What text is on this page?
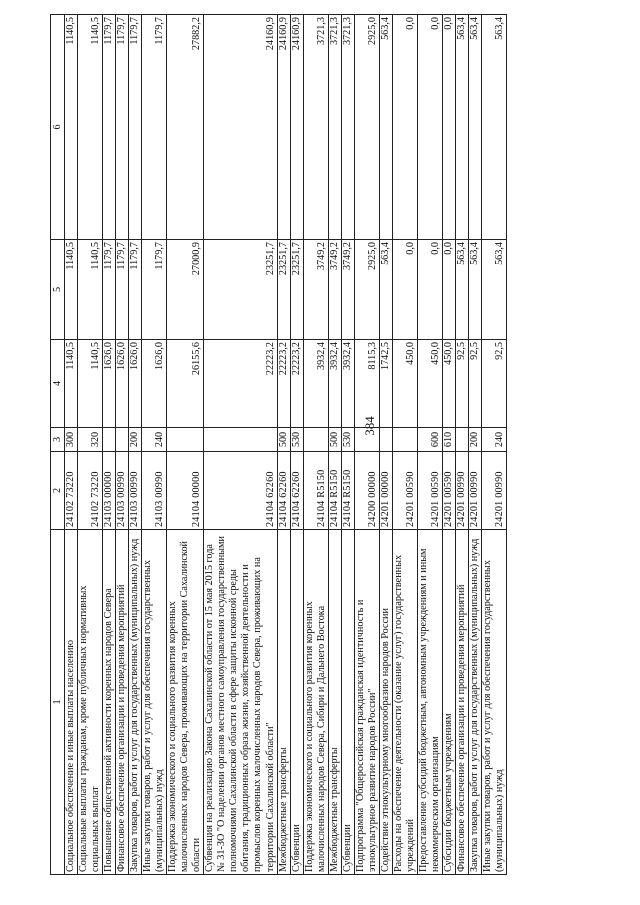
384
1	2	3	4	5	6
Социальное обеспечение и иные выплаты населению	24102 73220	300	1140,5	1140,5	1140,5
Социальные выплаты гражданам, кроме публичных нормативных социальных выплат	24102 73220	320	1140,5	1140,5	1140,5
Повышение общественной активности коренных народов Севера	24103 00000		1626,0	1179,7	1179,7
Финансовое обеспечение организации и проведения мероприятий	24103 00990		1626,0	1179,7	1179,7
Закупка товаров, работ и услуг для государственных (муниципальных) нужд	24103 00990	200	1626,0	1179,7	1179,7
Иные закупки товаров, работ и услуг для обеспечения государственных (муниципальных) нужд	24103 00990	240	1626,0	1179,7	1179,7
Поддержка экономического и социального развития коренных малочисленных народов Севера, проживающих на территории Сахалинской области	24104 00000		26155,6	27000,9	27882,2
Субвенция на реализацию Закона Сахалинской области от 15 мая 2015 года № 31-ЗО "О наделении органов местного самоуправления государственными полномочиями Сахалинской области в сфере защиты исконной среды обитания, традиционных образа жизни, хозяйственной деятельности и промыслов коренных малочисленных народов Севера, проживающих на территории Сахалинской области"	24104 62260		22223,2	23251,7	24160,9
Межбюджетные трансферты	24104 62260	500	22223,2	23251,7	24160,9
Субвенции	24104 62260	530	22223,2	23251,7	24160,9
Поддержка экономического и социального развития коренных малочисленных народов Севера, Сибири и Дальнего Востока	24104 R5150		3932,4	3749,2	3721,3
Межбюджетные трансферты	24104 R5150	500	3932,4	3749,2	3721,3
Субвенции	24104 R5150	530	3932,4	3749,2	3721,3
Подпрограмма "Общероссийская гражданская идентичность и этнокультурное развитие народов России"	24200 00000		8115,3	2925,0	2925,0
Содействие этнокультурному многообразию народов России	24201 00000		1742,5	563,4	563,4
Расходы на обеспечение деятельности (оказание услуг) государственных учреждений	24201 00590		450,0	0,0	0,0
Предоставление субсидий бюджетным, автономным учреждениям и иным некоммерческим организациям	24201 00590	600	450,0	0,0	0,0
Субсидии бюджетным учреждениям	24201 00590	610	450,0	0,0	0,0
Финансовое обеспечение организации и проведения мероприятий	24201 00990		92,5	563,4	563,4
Закупка товаров, работ и услуг для государственных (муниципальных) нужд	24201 00990	200	92,5	563,4	563,4
Иные закупки товаров, работ и услуг для обеспечения государственных (муниципальных) нужд	24201 00990	240	92,5	563,4	563,4
